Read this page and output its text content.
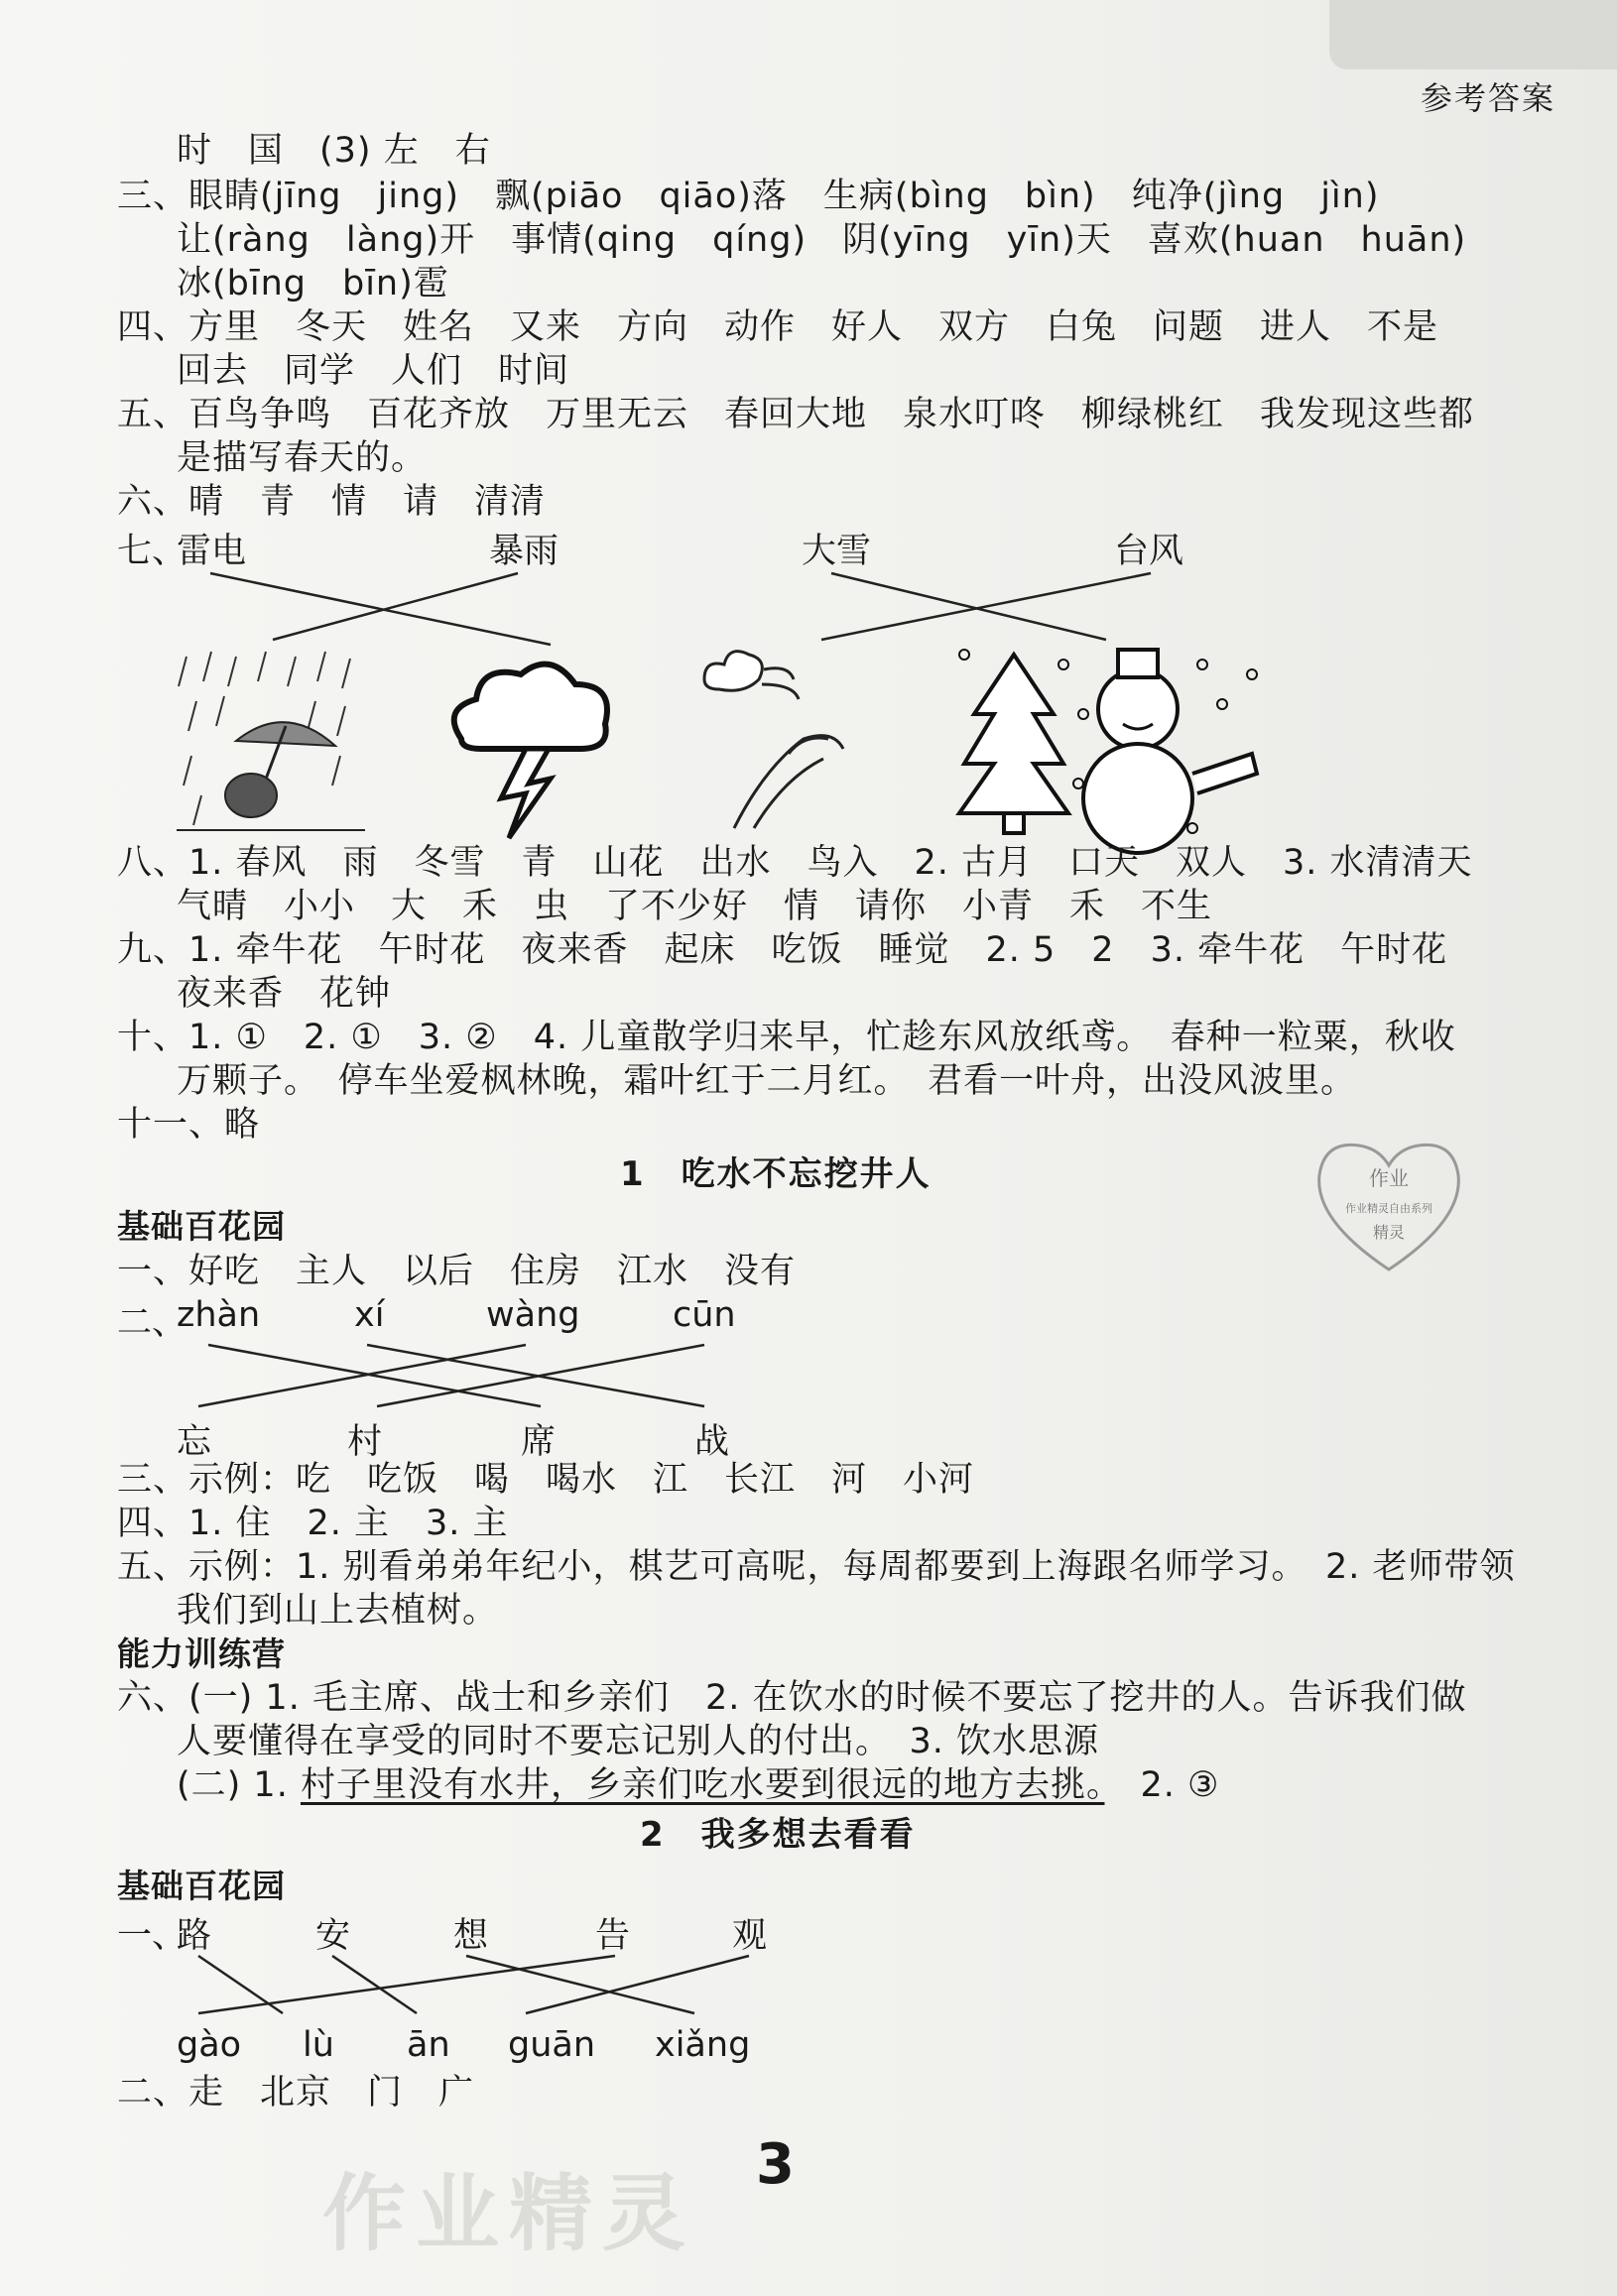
参考答案
时　国　(3) 左　右
三、眼睛(jīng　jing)　飘(piāo　qiāo)落　生病(bìng　bìn)　纯净(jìng　jìn)
让(ràng　làng)开　事情(qing　qíng)　阴(yīng　yīn)天　喜欢(huan　huān)
冰(bīng　bīn)雹
四、方里　冬天　姓名　又来　方向　动作　好人　双方　白兔　问题　进人　不是
回去　同学　人们　时间
五、百鸟争鸣　百花齐放　万里无云　春回大地　泉水叮咚　柳绿桃红　我发现这些都
是描写春天的。
六、晴　青　情　请　清清
七、
雷电	暴雨	大雪	台风
八、1. 春风　雨　冬雪　青　山花　出水　鸟入　2. 古月　口天　双人　3. 水清清天
气晴　小小　大　禾　虫　了不少好　情　请你　小青　禾　不生
九、1. 牵牛花　午时花　夜来香　起床　吃饭　睡觉　2. 5　2　3. 牵牛花　午时花
夜来香　花钟
十、1. ①　2. ①　3. ②　4. 儿童散学归来早，忙趁东风放纸鸢。　春种一粒粟，秋收
万颗子。　停车坐爱枫林晚，霜叶红于二月红。　君看一叶舟，出没风波里。
十一、略
1　吃水不忘挖井人	作业
作业精灵自由系列
精灵
基础百花园
一、好吃　主人　以后　住房　江水　没有
二、
zhàn	xí	wàng	cūn
忘	村	席	战
三、示例：吃　吃饭　喝　喝水　江　长江　河　小河
四、1. 住　2. 主　3. 主
五、示例：1. 别看弟弟年纪小，棋艺可高呢，每周都要到上海跟名师学习。　2. 老师带领
我们到山上去植树。
能力训练营
六、(一) 1. 毛主席、战士和乡亲们　2. 在饮水的时候不要忘了挖井的人。告诉我们做
人要懂得在享受的同时不要忘记别人的付出。　3. 饮水思源
(二) 1. 村子里没有水井，乡亲们吃水要到很远的地方去挑。　2. ③
2　我多想去看看
基础百花园
一、
路	安	想	告	观
gào lù ān guān xiǎng
二、走　北京　门　广
作业精灵
3
